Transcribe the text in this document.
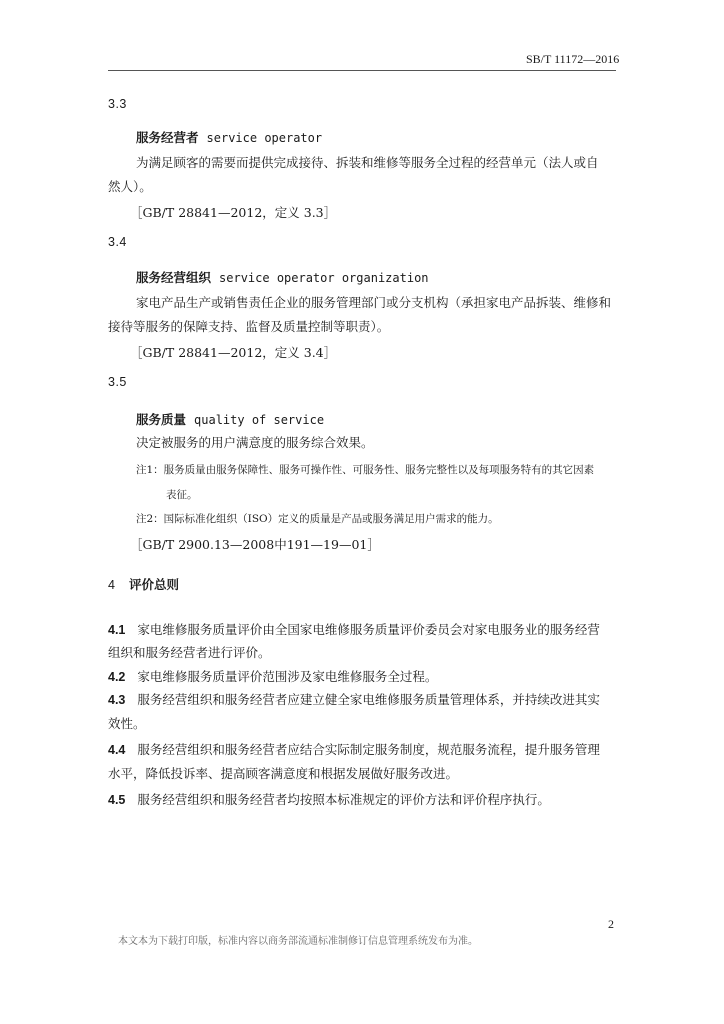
SB/T 11172—2016
3.3
服务经营者 service operator
为满足顾客的需要而提供完成接待、拆装和维修等服务全过程的经营单元（法人或自
然人）。
［GB/T 28841—2012，定义 3.3］
3.4
服务经营组织 service operator organization
家电产品生产或销售责任企业的服务管理部门或分支机构（承担家电产品拆装、维修和
接待等服务的保障支持、监督及质量控制等职责）。
［GB/T 28841—2012，定义 3.4］
3.5
服务质量 quality of service
决定被服务的用户满意度的服务综合效果。
注1：服务质量由服务保障性、服务可操作性、可服务性、服务完整性以及每项服务特有的其它因素
表征。
注2：国际标准化组织（ISO）定义的质量是产品或服务满足用户需求的能力。
［GB/T 2900.13—2008中191—19—01］
4 评价总则
4.1 家电维修服务质量评价由全国家电维修服务质量评价委员会对家电服务业的服务经营
组织和服务经营者进行评价。
4.2 家电维修服务质量评价范围涉及家电维修服务全过程。
4.3 服务经营组织和服务经营者应建立健全家电维修服务质量管理体系，并持续改进其实
效性。
4.4 服务经营组织和服务经营者应结合实际制定服务制度，规范服务流程，提升服务管理
水平，降低投诉率、提高顾客满意度和根据发展做好服务改进。
4.5 服务经营组织和服务经营者均按照本标准规定的评价方法和评价程序执行。
2
本文本为下载打印版，标准内容以商务部流通标准制修订信息管理系统发布为准。
